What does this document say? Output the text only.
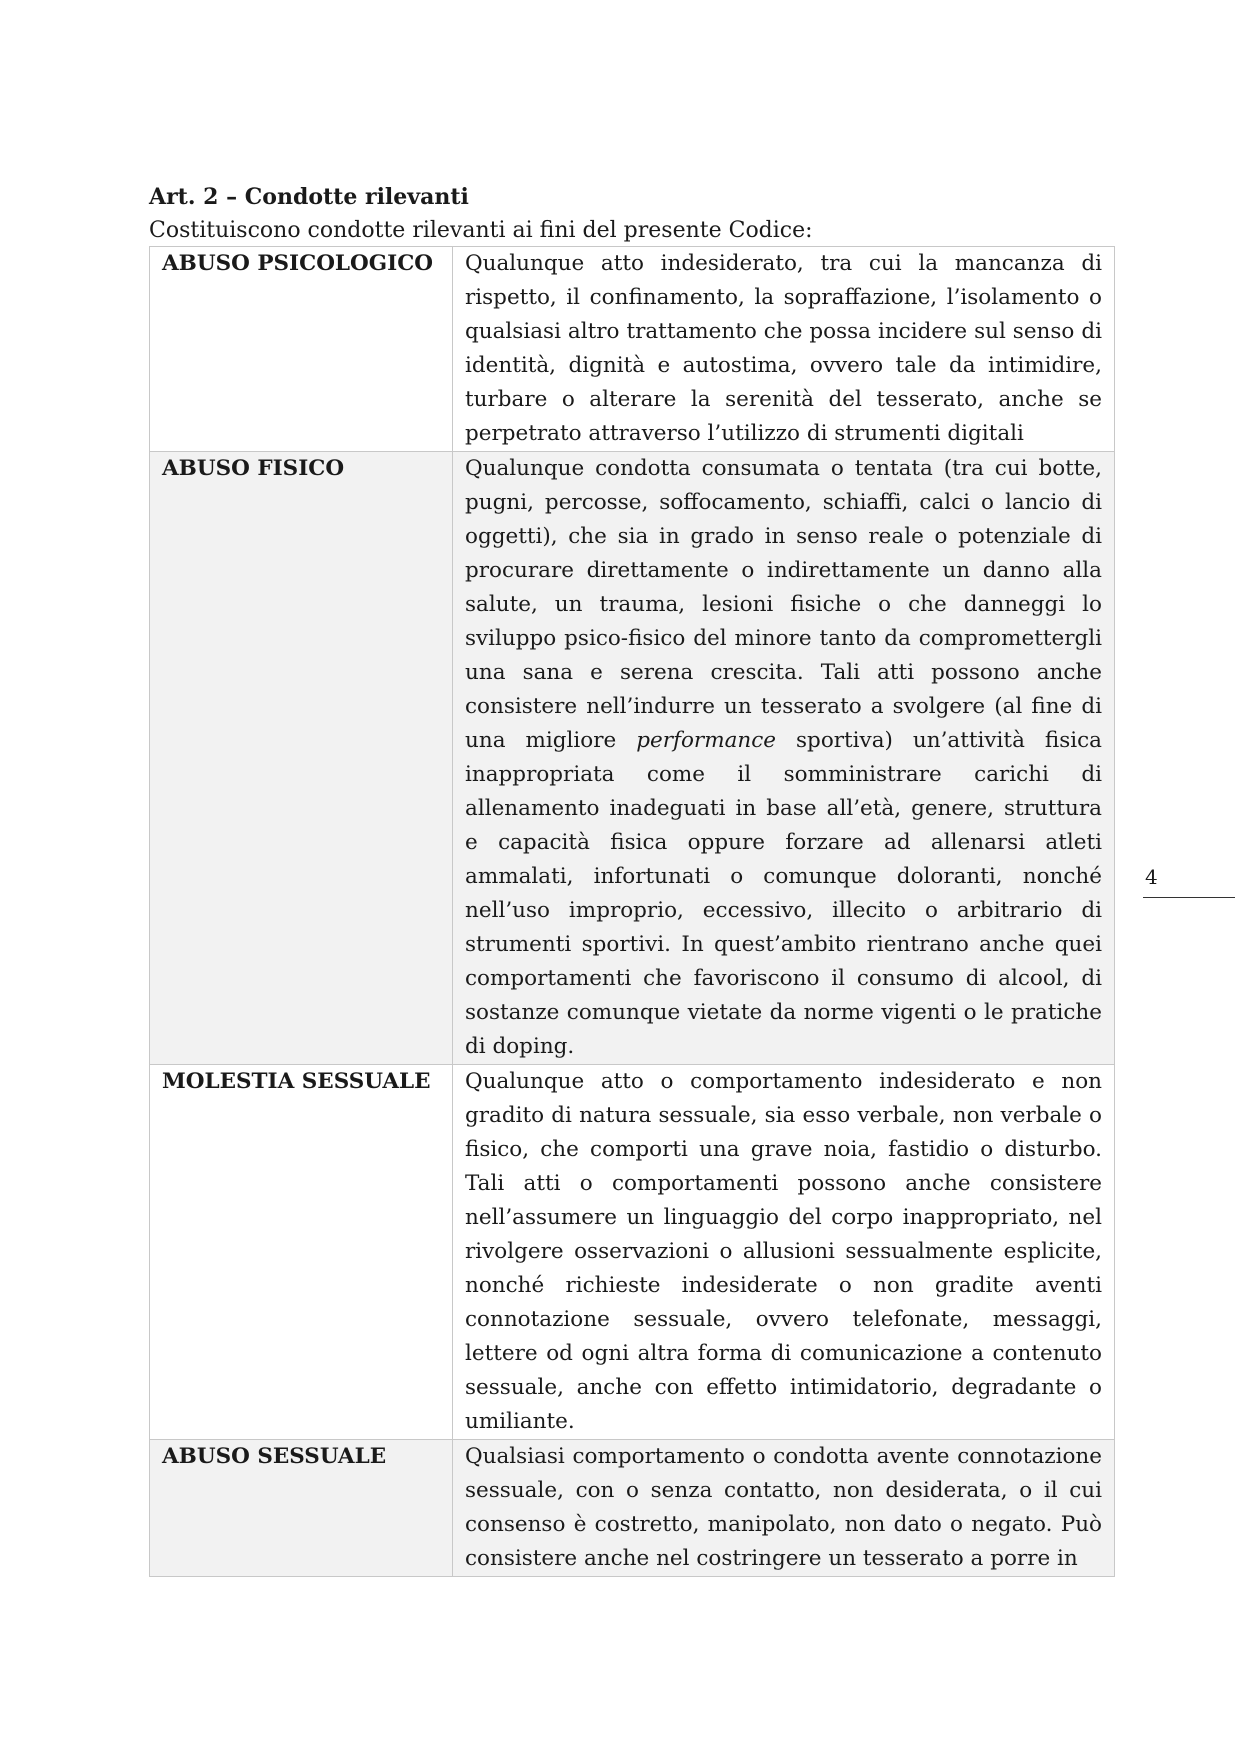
Art. 2 – Condotte rilevanti

Costituiscono condotte rilevanti ai fini del presente Codice:

ABUSO PSICOLOGICO	Qualunque atto indesiderato, tra cui la mancanza di rispetto, il confinamento, la sopraffazione, l’isolamento o qualsiasi altro trattamento che possa incidere sul senso di identità, dignità e autostima, ovvero tale da intimidire, turbare o alterare la serenità del tesserato, anche se perpetrato attraverso l’utilizzo di strumenti digitali
ABUSO FISICO	Qualunque condotta consumata o tentata (tra cui botte, pugni, percosse, soffocamento, schiaffi, calci o lancio di oggetti), che sia in grado in senso reale o potenziale di procurare direttamente o indirettamente un danno alla salute, un trauma, lesioni fisiche o che danneggi lo sviluppo psico-fisico del minore tanto da comprometterglі una sana e serena crescita. Tali atti possono anche consistere nell’indurre un tesserato a svolgere (al fine di una migliore performance sportiva) un’attività fisica inappropriata come il somministrare carichi di allenamento inadeguati in base all’età, genere, struttura e capacità fisica oppure forzare ad allenarsi atleti ammalati, infortunati o comunque doloranti, nonché nell’uso improprio, eccessivo, illecito o arbitrario di strumenti sportivi. In quest’ambito rientrano anche quei comportamenti che favoriscono il consumo di alcool, di sostanze comunque vietate da norme vigenti o le pratiche di doping.
MOLESTIA SESSUALE	Qualunque atto o comportamento indesiderato e non gradito di natura sessuale, sia esso verbale, non verbale o fisico, che comporti una grave noia, fastidio o disturbo. Tali atti o comportamenti possono anche consistere nell’assumere un linguaggio del corpo inappropriato, nel rivolgere osservazioni o allusioni sessualmente esplicite, nonché richieste indesiderate o non gradite aventi connotazione sessuale, ovvero telefonate, messaggi, lettere od ogni altra forma di comunicazione a contenuto sessuale, anche con effetto intimidatorio, degradante o umiliante.
ABUSO SESSUALE	Qualsiasi comportamento o condotta avente connotazione sessuale, con o senza contatto, non desiderata, o il cui consenso è costretto, manipolato, non dato o negato. Può consistere anche nel costringere un tesserato a porre in
4
